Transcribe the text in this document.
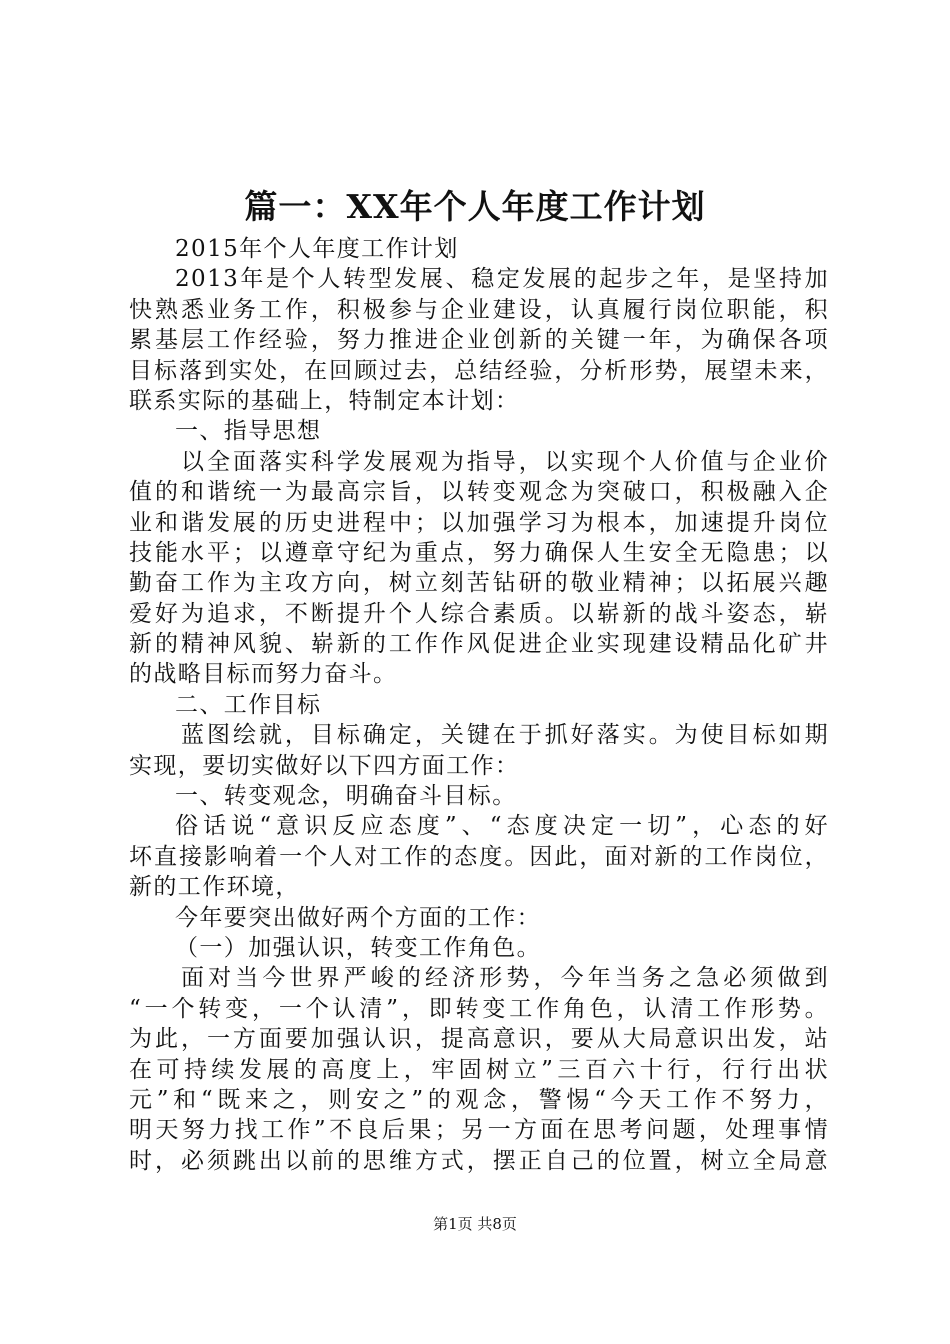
篇一：XX年个人年度工作计划
2015年个人年度工作计划
2013年是个人转型发展、稳定发展的起步之年，是坚持加
快熟悉业务工作，积极参与企业建设，认真履行岗位职能，积
累基层工作经验，努力推进企业创新的关键一年，为确保各项
目标落到实处，在回顾过去，总结经验，分析形势，展望未来，
联系实际的基础上，特制定本计划：
一、指导思想
以全面落实科学发展观为指导，以实现个人价值与企业价
值的和谐统一为最高宗旨，以转变观念为突破口，积极融入企
业和谐发展的历史进程中；以加强学习为根本，加速提升岗位
技能水平；以遵章守纪为重点，努力确保人生安全无隐患；以
勤奋工作为主攻方向，树立刻苦钻研的敬业精神；以拓展兴趣
爱好为追求，不断提升个人综合素质。以崭新的战斗姿态，崭
新的精神风貌、崭新的工作作风促进企业实现建设精品化矿井
的战略目标而努力奋斗。
二、工作目标
蓝图绘就，目标确定，关键在于抓好落实。为使目标如期
实现，要切实做好以下四方面工作：
一、转变观念，明确奋斗目标。
俗话说“意识反应态度”、“态度决定一切”，心态的好
坏直接影响着一个人对工作的态度。因此，面对新的工作岗位，
新的工作环境，
今年要突出做好两个方面的工作：
（一）加强认识，转变工作角色。
面对当今世界严峻的经济形势，今年当务之急必须做到
“一个转变，一个认清”，即转变工作角色，认清工作形势。
为此，一方面要加强认识，提高意识，要从大局意识出发，站
在可持续发展的高度上，牢固树立”三百六十行，行行出状
元”和“既来之，则安之”的观念，警惕“今天工作不努力，
明天努力找工作”不良后果；另一方面在思考问题，处理事情
时，必须跳出以前的思维方式，摆正自己的位置，树立全局意
第1页 共8页
